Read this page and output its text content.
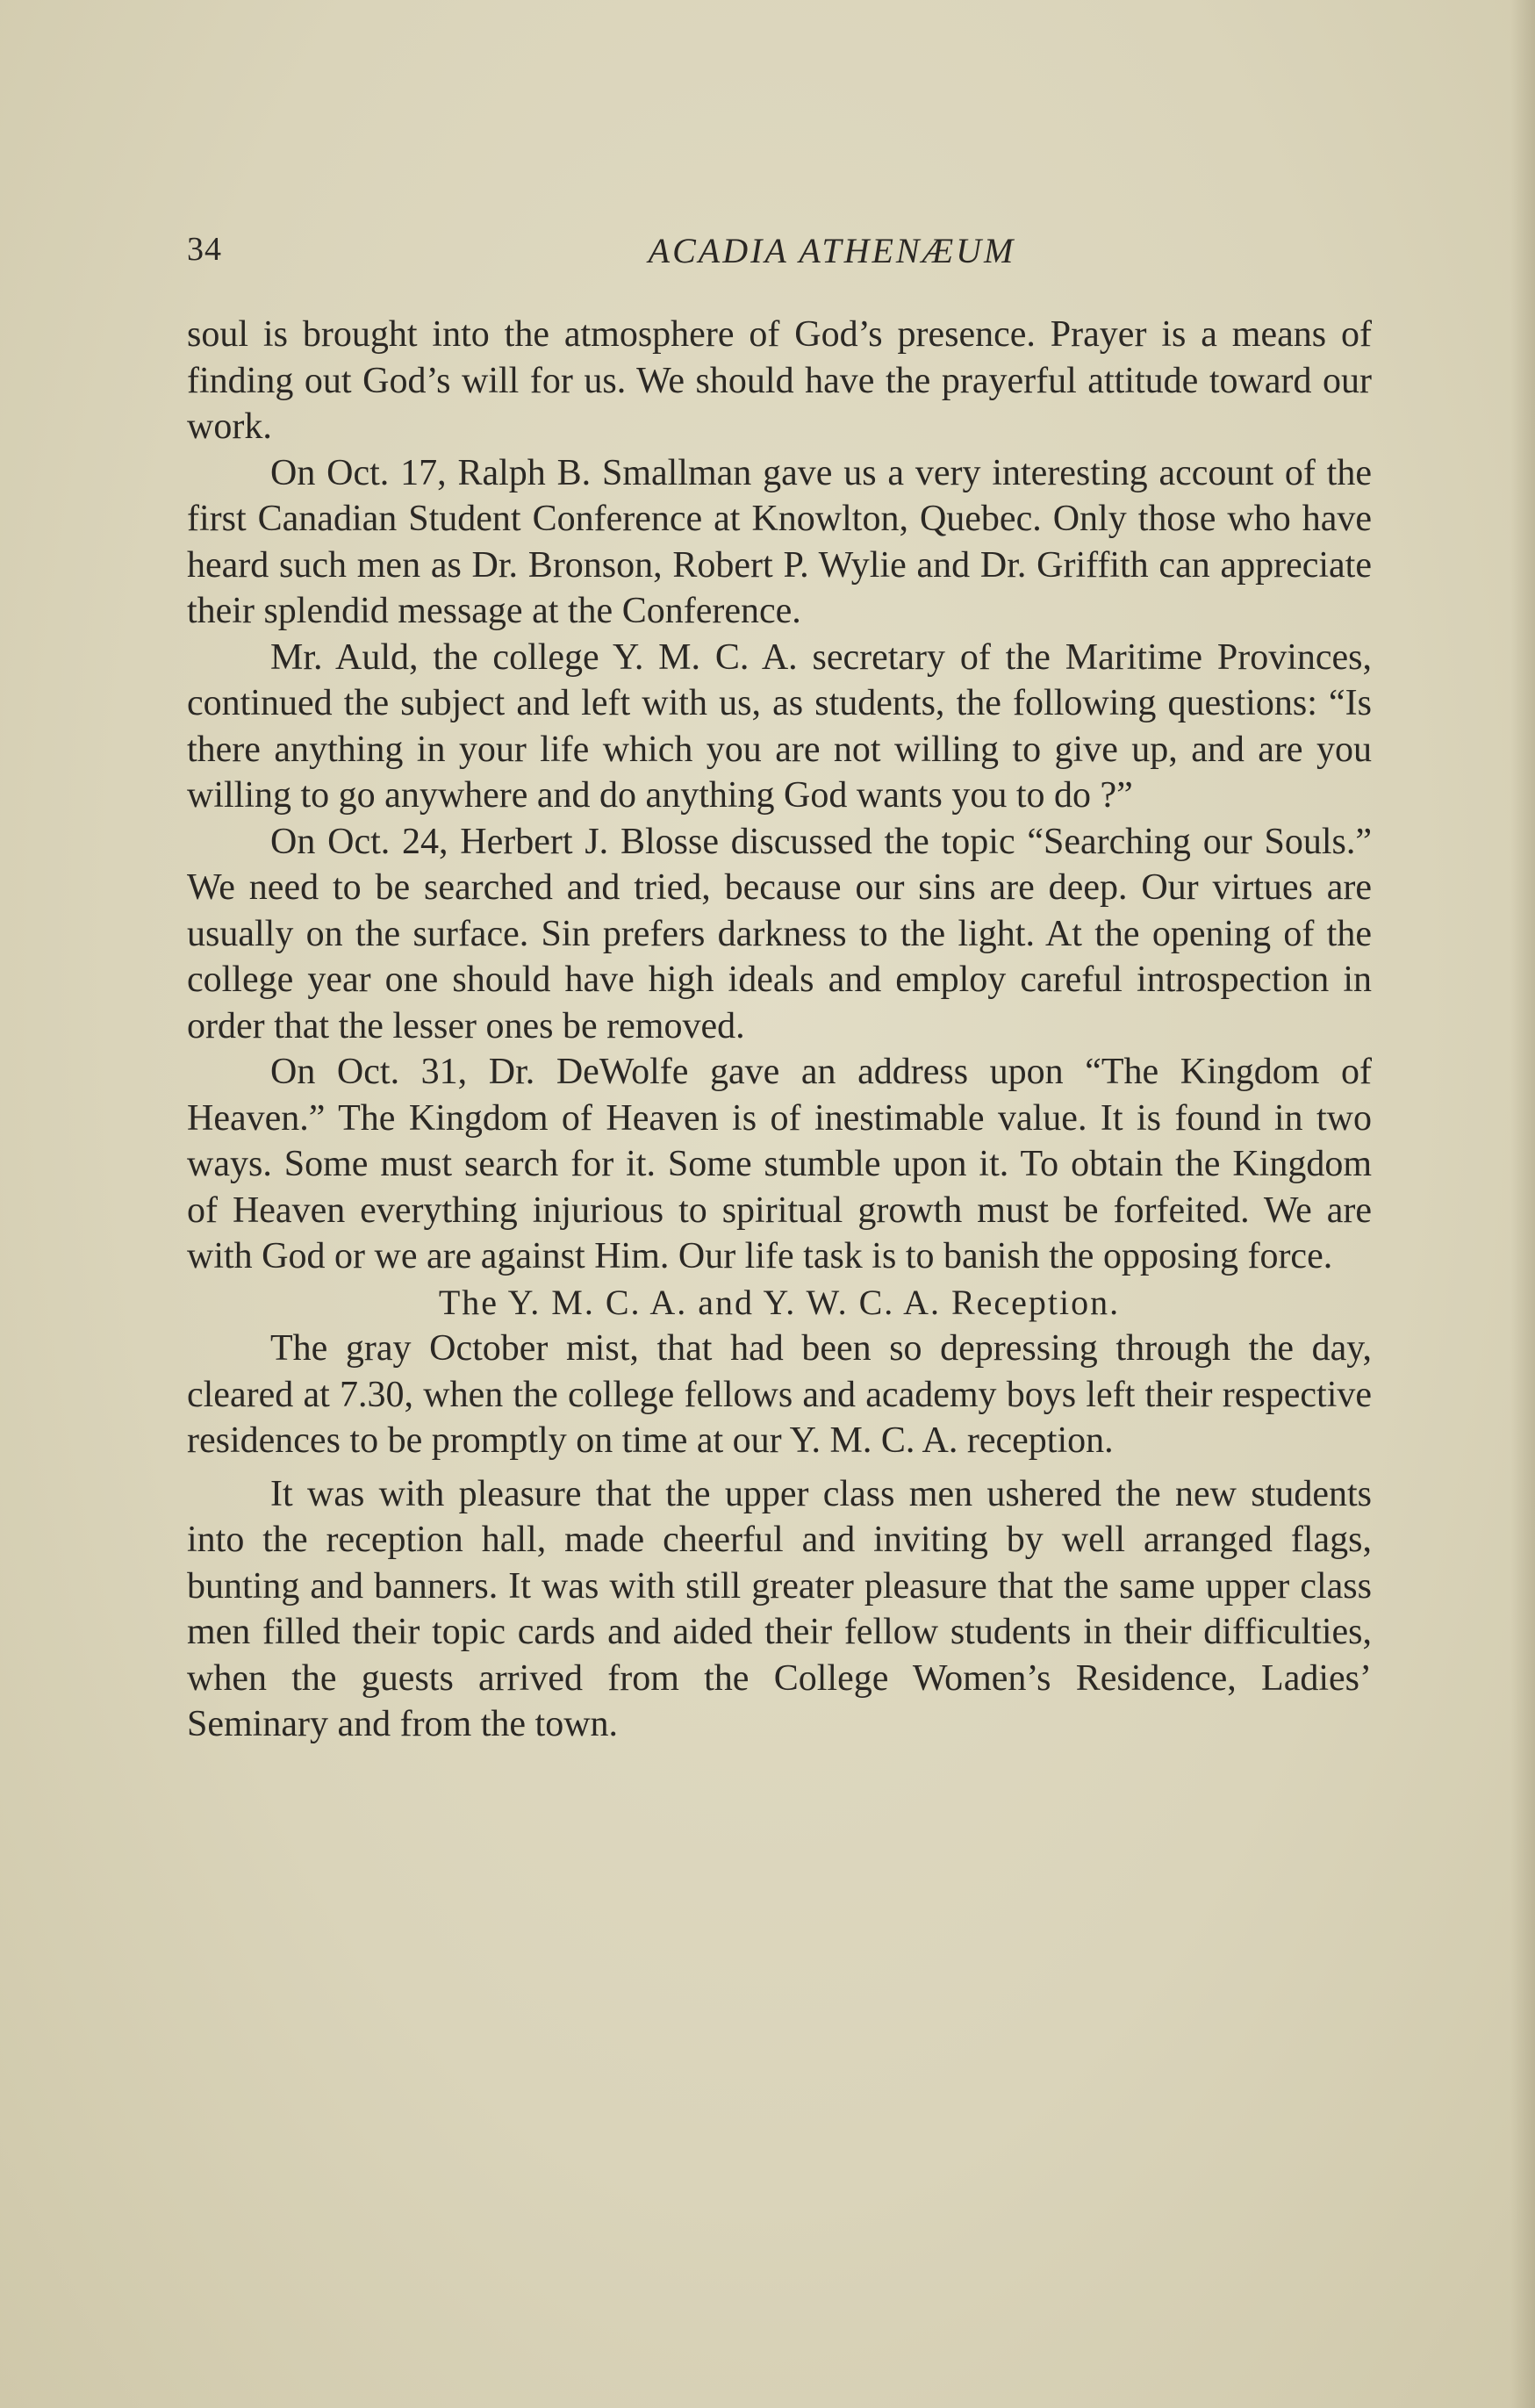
34	ACADIA ATHENÆUM

soul is brought into the atmosphere of God’s presence. Prayer is a means of finding out God’s will for us. We should have the prayerful attitude toward our work.

On Oct. 17, Ralph B. Smallman gave us a very interesting account of the first Canadian Student Conference at Knowlton, Quebec. Only those who have heard such men as Dr. Bronson, Robert P. Wylie and Dr. Griffith can appreciate their splendid message at the Conference.

Mr. Auld, the college Y. M. C. A. secretary of the Maritime Provinces, continued the subject and left with us, as students, the following questions: “Is there anything in your life which you are not willing to give up, and are you willing to go anywhere and do anything God wants you to do ?”

On Oct. 24, Herbert J. Blosse discussed the topic “Searching our Souls.” We need to be searched and tried, because our sins are deep. Our virtues are usually on the surface. Sin prefers darkness to the light. At the opening of the college year one should have high ideals and employ careful introspection in order that the lesser ones be removed.

On Oct. 31, Dr. DeWolfe gave an address upon “The Kingdom of Heaven.” The Kingdom of Heaven is of inestimable value. It is found in two ways. Some must search for it. Some stumble upon it. To obtain the Kingdom of Heaven everything injurious to spiritual growth must be forfeited. We are with God or we are against Him. Our life task is to banish the opposing force.

The Y. M. C. A. and Y. W. C. A. Reception.

The gray October mist, that had been so depressing through the day, cleared at 7.30, when the college fellows and academy boys left their respective residences to be promptly on time at our Y. M. C. A. reception.

It was with pleasure that the upper class men ushered the new students into the reception hall, made cheerful and inviting by well arranged flags, bunting and banners. It was with still greater pleasure that the same upper class men filled their topic cards and aided their fellow students in their difficulties, when the guests arrived from the College Women’s Residence, Ladies’ Seminary and from the town.
